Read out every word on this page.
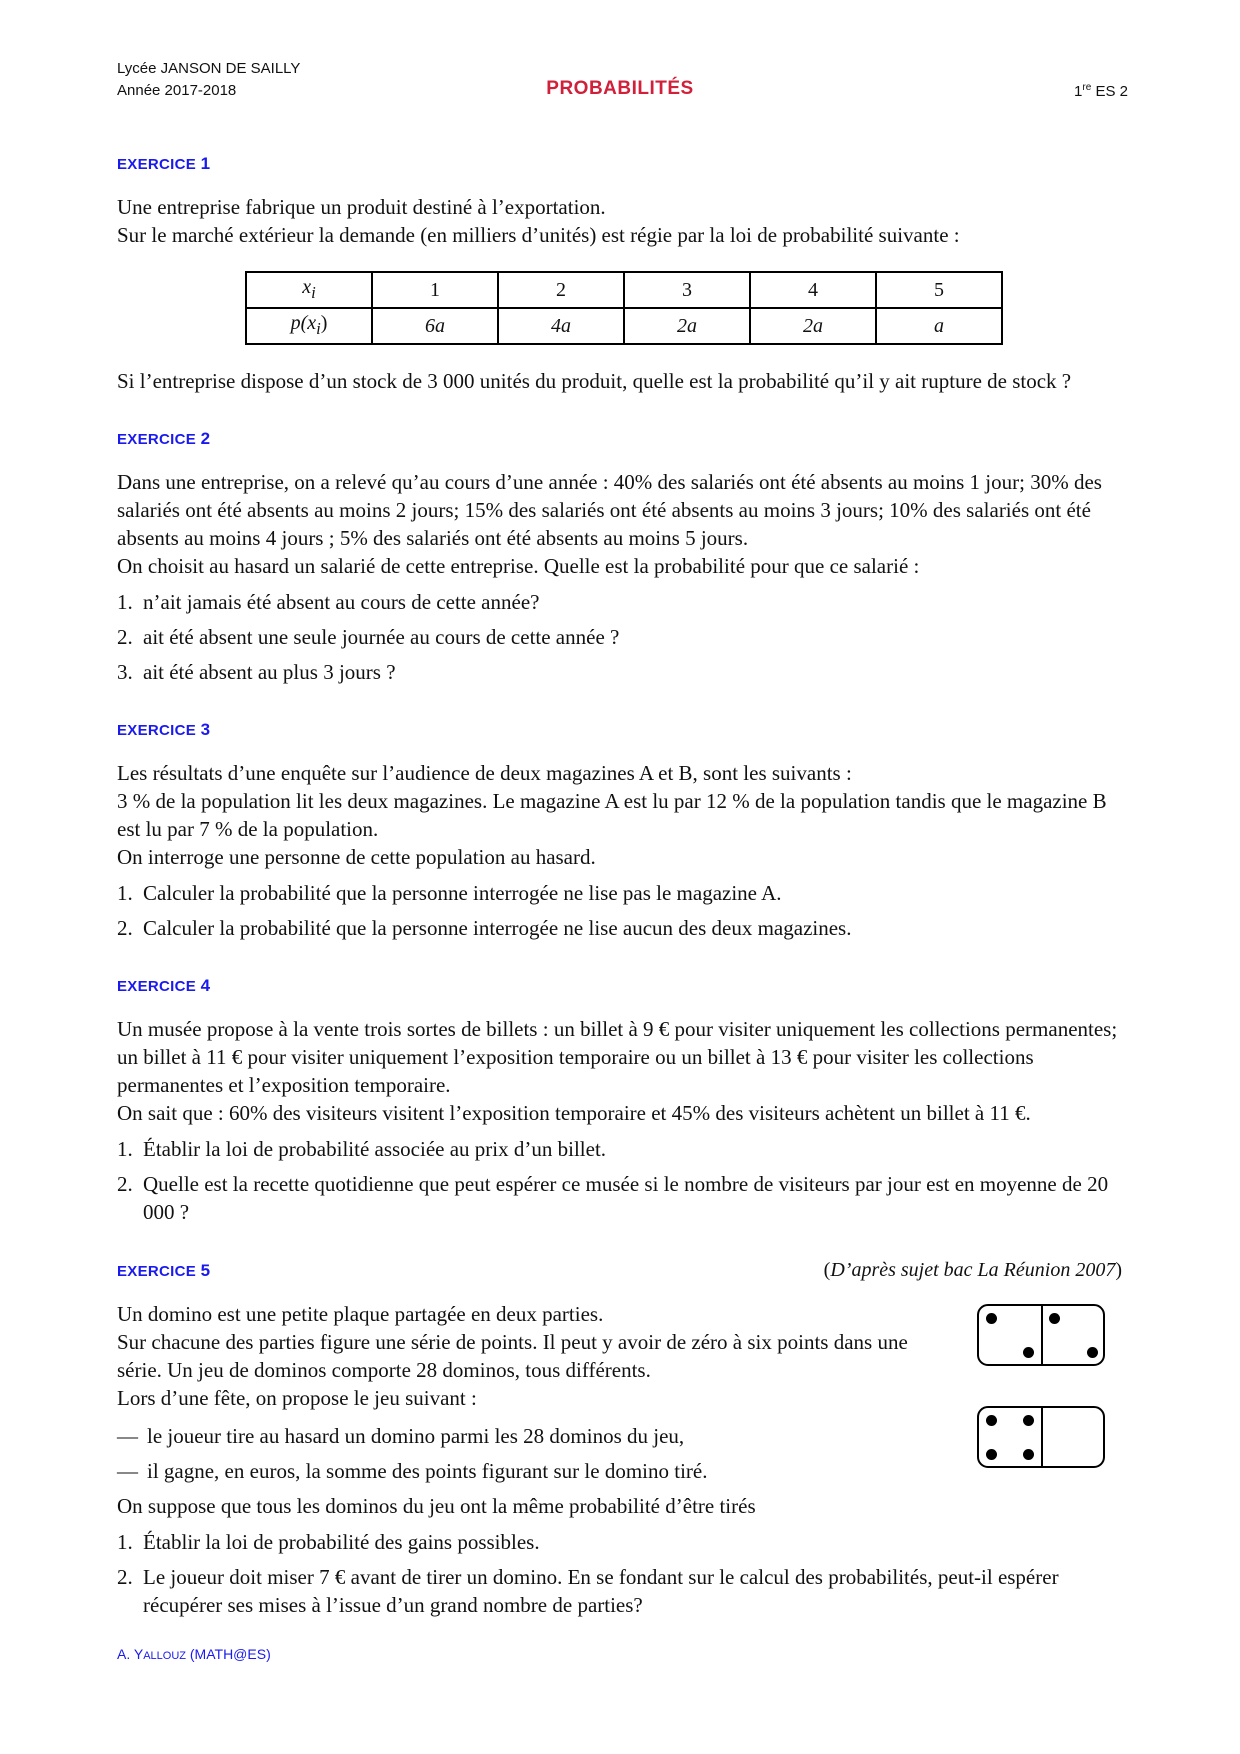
Lycée JANSON DE SAILLY
Année 2017-2018	PROBABILITÉS	1re ES 2
EXERCICE 1

Une entreprise fabrique un produit destiné à l’exportation.

Sur le marché extérieur la demande (en milliers d’unités) est régie par la loi de probabilité suivante :

$x_i$	1	2	3	4	5
$p(x_i)$	6a	4a	2a	2a	a

Si l’entreprise dispose d’un stock de 3 000 unités du produit, quelle est la probabilité qu’il y ait rupture de stock ?

EXERCICE 2

Dans une entreprise, on a relevé qu’au cours d’une année : 40% des salariés ont été absents au moins 1 jour; 30% des salariés ont été absents au moins 2 jours; 15% des salariés ont été absents au moins 3 jours; 10% des salariés ont été absents au moins 4 jours ; 5% des salariés ont été absents au moins 5 jours.

On choisit au hasard un salarié de cette entreprise. Quelle est la probabilité pour que ce salarié :

1. n’ait jamais été absent au cours de cette année?
2. ait été absent une seule journée au cours de cette année ?
3. ait été absent au plus 3 jours ?
EXERCICE 3

Les résultats d’une enquête sur l’audience de deux magazines A et B, sont les suivants :

3 % de la population lit les deux magazines. Le magazine A est lu par 12 % de la population tandis que le magazine B est lu par 7 % de la population.

On interroge une personne de cette population au hasard.

1. Calculer la probabilité que la personne interrogée ne lise pas le magazine A.
2. Calculer la probabilité que la personne interrogée ne lise aucun des deux magazines.
EXERCICE 4

Un musée propose à la vente trois sortes de billets : un billet à 9 € pour visiter uniquement les collections permanentes; un billet à 11 € pour visiter uniquement l’exposition temporaire ou un billet à 13 € pour visiter les collections permanentes et l’exposition temporaire.

On sait que : 60% des visiteurs visitent l’exposition temporaire et 45% des visiteurs achètent un billet à 11 €.

1. Établir la loi de probabilité associée au prix d’un billet.
2. Quelle est la recette quotidienne que peut espérer ce musée si le nombre de visiteurs par jour est en moyenne de 20 000 ?
EXERCICE 5	(D’après sujet bac La Réunion 2007)

Un domino est une petite plaque partagée en deux parties.

Sur chacune des parties figure une série de points. Il peut y avoir de zéro à six points dans une série. Un jeu de dominos comporte 28 dominos, tous différents.

Lors d’une fête, on propose le jeu suivant :

— le joueur tire au hasard un domino parmi les 28 dominos du jeu,
— il gagne, en euros, la somme des points figurant sur le domino tiré.

On suppose que tous les dominos du jeu ont la même probabilité d’être tirés

1. Établir la loi de probabilité des gains possibles.
2. Le joueur doit miser 7 € avant de tirer un domino. En se fondant sur le calcul des probabilités, peut-il espérer récupérer ses mises à l’issue d’un grand nombre de parties?
A. YALLOUZ (MATH@ES)
